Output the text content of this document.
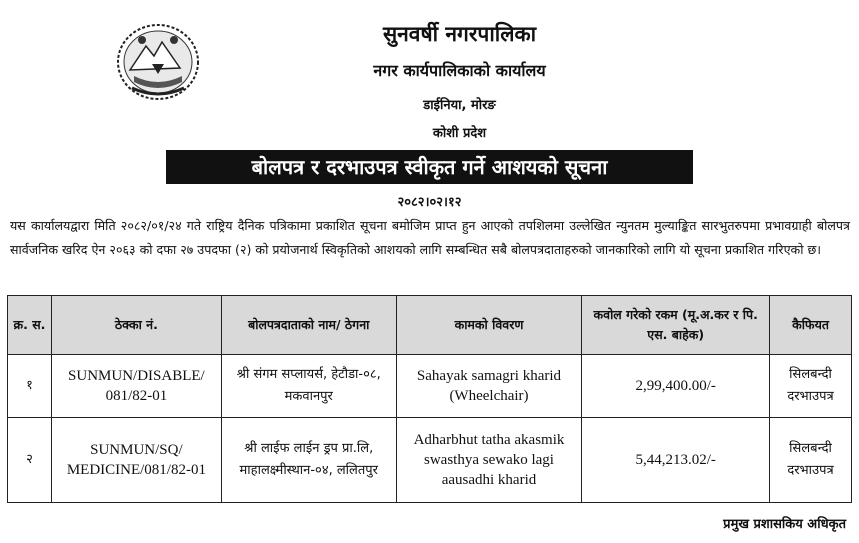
सुनवर्षी नगरपालिका
नगर कार्यपालिकाको कार्यालय
डाईनिया, मोरङ
कोशी प्रदेश
बोलपत्र र दरभाउपत्र स्वीकृत गर्ने आशयको सूचना
२०८२।०२।१२
यस कार्यालयद्वारा मिति २०८२/०१/२४ गते राष्ट्रिय दैनिक पत्रिकामा प्रकाशित सूचना बमोजिम प्राप्त हुन आएको तपशिलमा उल्लेखित न्युनतम मुल्याङ्कित सारभुतरुपमा प्रभावग्राही बोलपत्र सार्वजनिक खरिद ऐन २०६३ को दफा २७ उपदफा (२) को प्रयोजनार्थ स्विकृतिको आशयको लागि सम्बन्धित सबै बोलपत्रदाताहरुको जानकारिको लागि यो सूचना प्रकाशित गरिएको छ।
क्र. स.	ठेक्का नं.	बोलपत्रदाताको नाम/ ठेगना	कामको विवरण	कवोल गरेको रकम (मू.अ.कर र पि. एस. बाहेक)	कैफियत
१	SUNMUN/DISABLE/ 081/82-01	श्री संगम सप्लायर्स, हेटौडा-०८, मकवानपुर	Sahayak samagri kharid (Wheelchair)	2,99,400.00/-	सिलबन्दी दरभाउपत्र
२	SUNMUN/SQ/ MEDICINE/081/82-01	श्री लाईफ लाईन ड्रप प्रा.लि, माहालक्ष्मीस्थान-०४, ललितपुर	Adharbhut tatha akasmik swasthya sewako lagi aausadhi kharid	5,44,213.02/-	सिलबन्दी दरभाउपत्र
प्रमुख प्रशासकिय अधिकृत
